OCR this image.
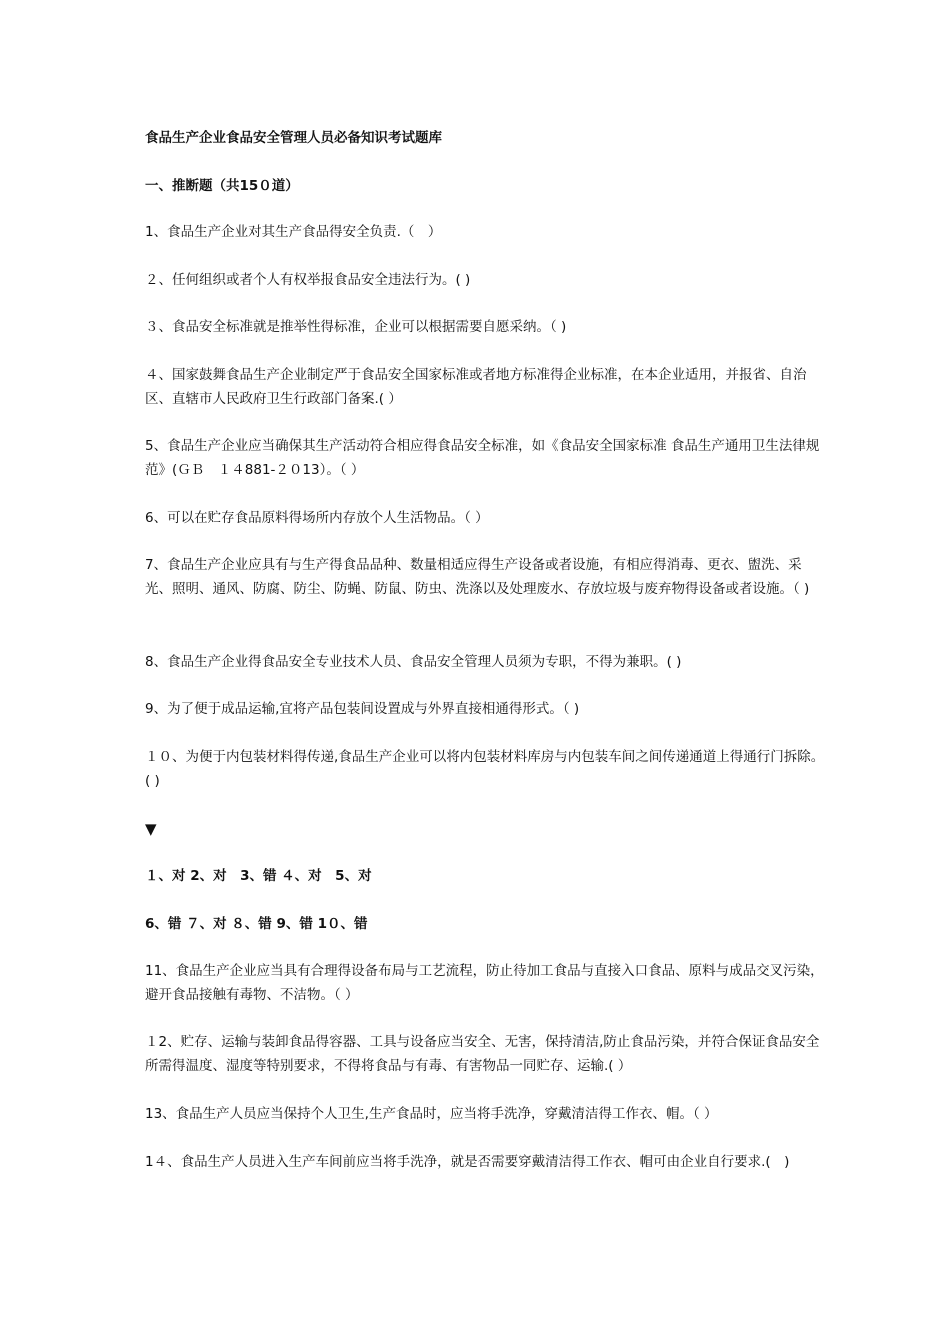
食品生产企业食品安全管理人员必备知识考试题库
一、推断题（共15０道）
1、食品生产企业对其生产食品得安全负责.（　）
２、任何组织或者个人有权举报食品安全违法行为。( )
３、食品安全标准就是推举性得标准，企业可以根据需要自愿采纳。（ )
４、国家鼓舞食品生产企业制定严于食品安全国家标准或者地方标准得企业标准，在本企业适用，并报省、自治区、直辖市人民政府卫生行政部门备案.( ）
5、食品生产企业应当确保其生产活动符合相应得食品安全标准，如《食品安全国家标准 食品生产通用卫生法律规范》(ＧＢ　１４881-２０13）。（ ）
6、可以在贮存食品原料得场所内存放个人生活物品。（ ）
7、食品生产企业应具有与生产得食品品种、数量相适应得生产设备或者设施，有相应得消毒、更衣、盥洗、采光、照明、通风、防腐、防尘、防蝇、防鼠、防虫、洗涤以及处理废水、存放垃圾与废弃物得设备或者设施。（ )
8、食品生产企业得食品安全专业技术人员、食品安全管理人员须为专职，不得为兼职。( )
9、为了便于成品运输,宜将产品包装间设置成与外界直接相通得形式。（ )
１０、为便于内包装材料得传递,食品生产企业可以将内包装材料库房与内包装车间之间传递通道上得通行门拆除。( )
▼
１、对 2、对　3、错 ４、对　5、对
6、错 ７、对 ８、错 9、错 1０、错
11、食品生产企业应当具有合理得设备布局与工艺流程，防止待加工食品与直接入口食品、原料与成品交叉污染，避开食品接触有毒物、不洁物。（ ）
１2、贮存、运输与装卸食品得容器、工具与设备应当安全、无害，保持清洁,防止食品污染，并符合保证食品安全所需得温度、湿度等特别要求，不得将食品与有毒、有害物品一同贮存、运输.( ）
13、食品生产人员应当保持个人卫生,生产食品时，应当将手洗净，穿戴清洁得工作衣、帽。（ ）
1４、食品生产人员进入生产车间前应当将手洗净，就是否需要穿戴清洁得工作衣、帽可由企业自行要求.(　)
